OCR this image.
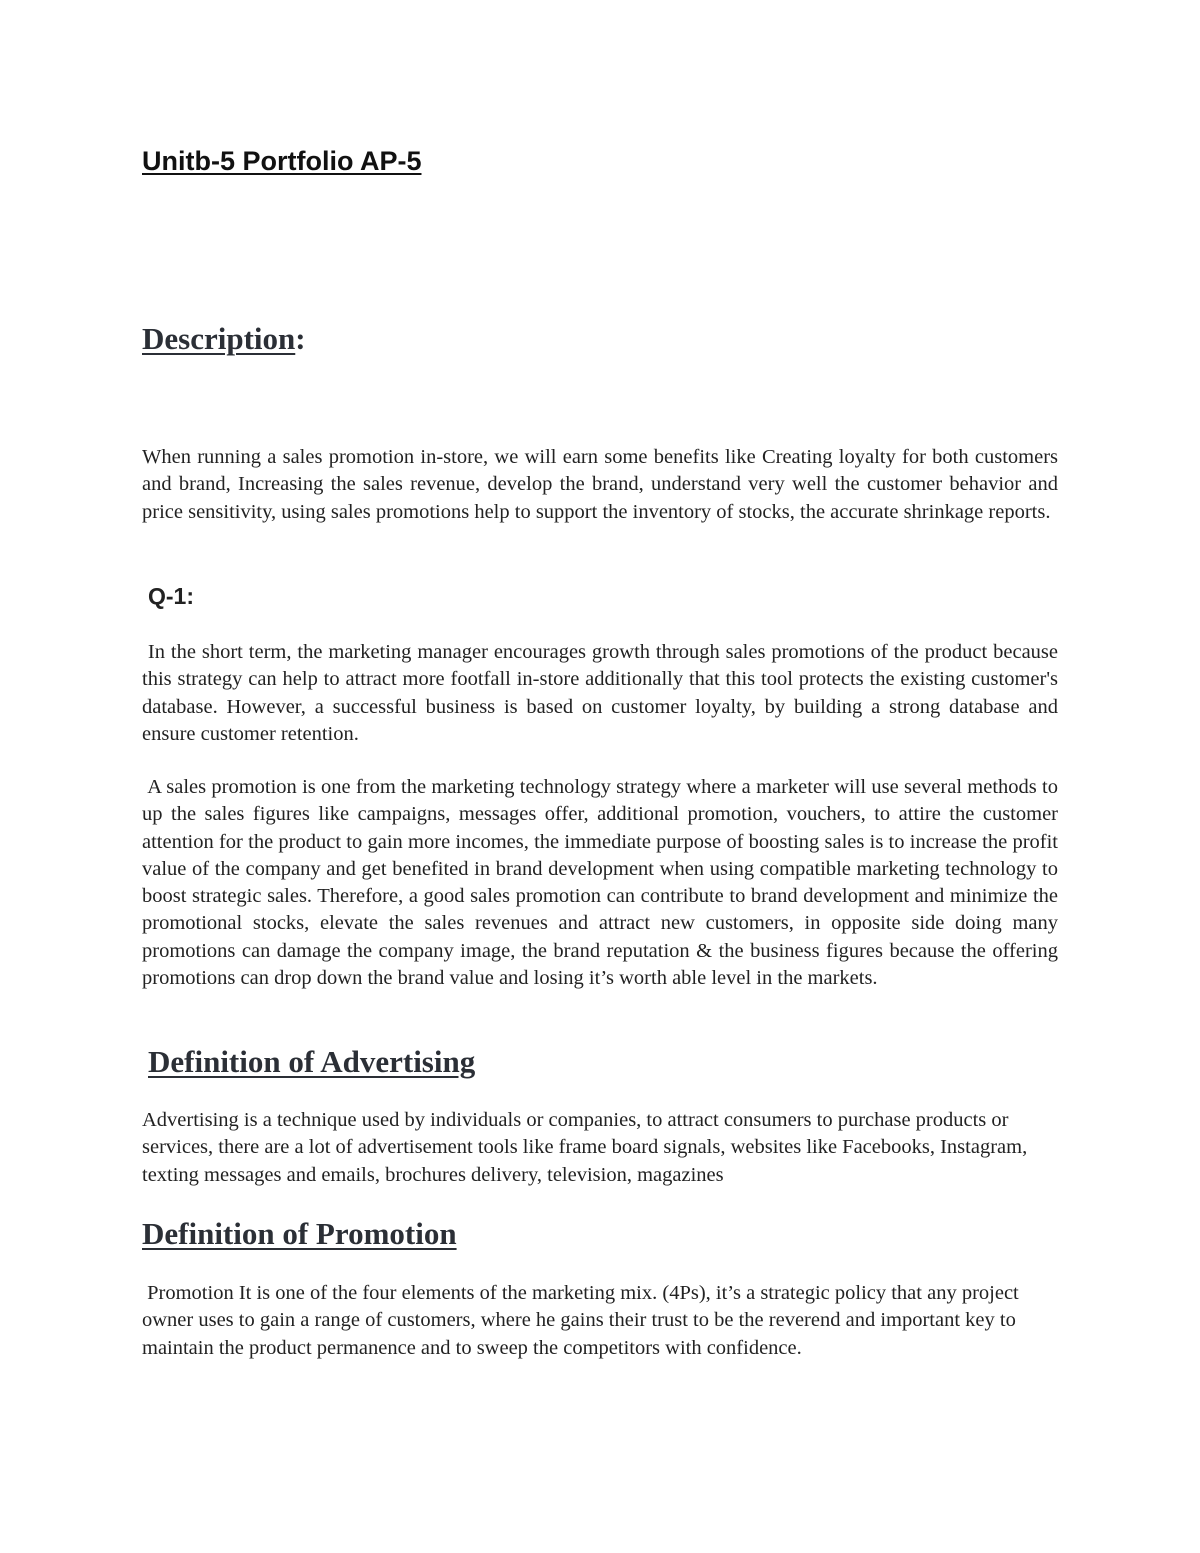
Unitb-5 Portfolio AP-5
Description:

When running a sales promotion in-store, we will earn some benefits like Creating loyalty for both customers and brand, Increasing the sales revenue, develop the brand, understand very well the customer behavior and price sensitivity, using sales promotions help to support the inventory of stocks, the accurate shrinkage reports.

Q-1:

In the short term, the marketing manager encourages growth through sales promotions of the product because this strategy can help to attract more footfall in-store additionally that this tool protects the existing customer's database. However, a successful business is based on customer loyalty, by building a strong database and ensure customer retention.

A sales promotion is one from the marketing technology strategy where a marketer will use several methods to up the sales figures like campaigns, messages offer, additional promotion, vouchers, to attire the customer attention for the product to gain more incomes, the immediate purpose of boosting sales is to increase the profit value of the company and get benefited in brand development when using compatible marketing technology to boost strategic sales. Therefore, a good sales promotion can contribute to brand development and minimize the promotional stocks, elevate the sales revenues and attract new customers, in opposite side doing many promotions can damage the company image, the brand reputation & the business figures because the offering promotions can drop down the brand value and losing it’s worth able level in the markets.

Definition of Advertising

Advertising is a technique used by individuals or companies, to attract consumers to purchase products or services, there are a lot of advertisement tools like frame board signals, websites like Facebooks, Instagram, texting messages and emails, brochures delivery, television, magazines

Definition of Promotion

Promotion It is one of the four elements of the marketing mix. (4Ps), it’s a strategic policy that any project owner uses to gain a range of customers, where he gains their trust to be the reverend and important key to maintain the product permanence and to sweep the competitors with confidence.
